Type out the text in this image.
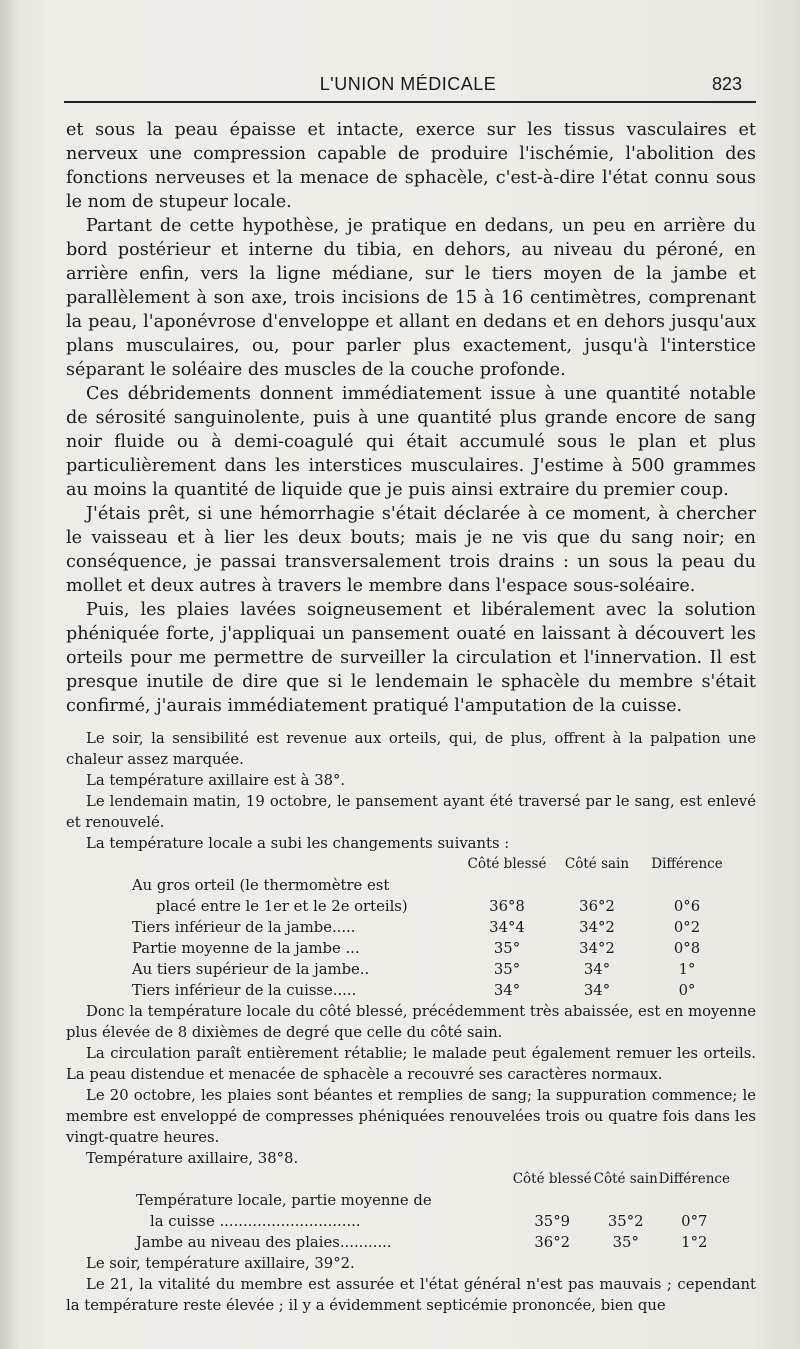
L'UNION MÉDICALE	823

et sous la peau épaisse et intacte, exerce sur les tissus vasculaires et nerveux une compression capable de produire l'ischémie, l'abolition des fonctions nerveuses et la menace de sphacèle, c'est-à-dire l'état connu sous le nom de stupeur locale.

Partant de cette hypothèse, je pratique en dedans, un peu en arrière du bord postérieur et interne du tibia, en dehors, au niveau du péroné, en arrière enfin, vers la ligne médiane, sur le tiers moyen de la jambe et parallèlement à son axe, trois incisions de 15 à 16 centimètres, comprenant la peau, l'aponévrose d'enveloppe et allant en dedans et en dehors jusqu'aux plans musculaires, ou, pour parler plus exactement, jusqu'à l'interstice séparant le soléaire des muscles de la couche profonde.

Ces débridements donnent immédiatement issue à une quantité notable de sérosité sanguinolente, puis à une quantité plus grande encore de sang noir fluide ou à demi-coagulé qui était accumulé sous le plan et plus particulièrement dans les interstices musculaires. J'estime à 500 grammes au moins la quantité de liquide que je puis ainsi extraire du premier coup.

J'étais prêt, si une hémorrhagie s'était déclarée à ce moment, à chercher le vaisseau et à lier les deux bouts; mais je ne vis que du sang noir; en conséquence, je passai transversalement trois drains : un sous la peau du mollet et deux autres à travers le membre dans l'espace sous-soléaire.

Puis, les plaies lavées soigneusement et libéralement avec la solution phéniquée forte, j'appliquai un pansement ouaté en laissant à découvert les orteils pour me permettre de surveiller la circulation et l'innervation. Il est presque inutile de dire que si le lendemain le sphacèle du membre s'était confirmé, j'aurais immédiatement pratiqué l'amputation de la cuisse.

Le soir, la sensibilité est revenue aux orteils, qui, de plus, offrent à la palpation une chaleur assez marquée.

La température axillaire est à 38°.

Le lendemain matin, 19 octobre, le pansement ayant été traversé par le sang, est enlevé et renouvelé.

La température locale a subi les changements suivants :

	Côté blessé	Côté sain	Différence
Au gros orteil (le thermomètre est			
placé entre le 1er et le 2e orteils)	36°8	36°2	0°6
Tiers inférieur de la jambe.....	34°4	34°2	0°2
Partie moyenne de la jambe ...	35°	34°2	0°8
Au tiers supérieur de la jambe..	35°	34°	1°
Tiers inférieur de la cuisse.....	34°	34°	0°

Donc la température locale du côté blessé, précédemment très abaissée, est en moyenne plus élevée de 8 dixièmes de degré que celle du côté sain.

La circulation paraît entièrement rétablie; le malade peut également remuer les orteils. La peau distendue et menacée de sphacèle a recouvré ses caractères normaux.

Le 20 octobre, les plaies sont béantes et remplies de sang; la suppuration commence; le membre est enveloppé de compresses phéniquées renouvelées trois ou quatre fois dans les vingt-quatre heures.

Température axillaire, 38°8.

	Côté blessé	Côté sain	Différence
Température locale, partie moyenne de			
la cuisse ..............................	35°9	35°2	0°7
Jambe au niveau des plaies...........	36°2	35°	1°2

Le soir, température axillaire, 39°2.

Le 21, la vitalité du membre est assurée et l'état général n'est pas mauvais ; cependant la température reste élevée ; il y a évidemment septicémie prononcée, bien que
